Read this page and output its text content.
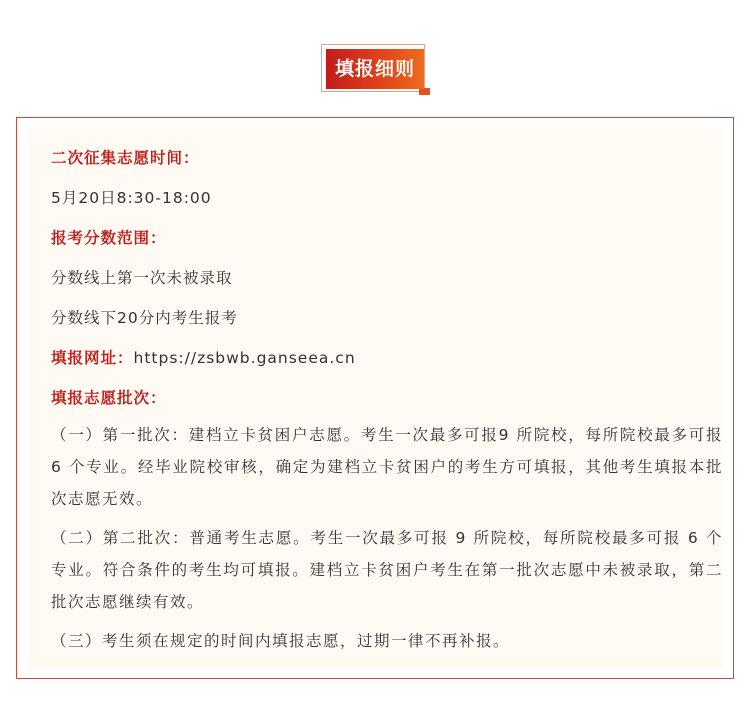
填报细则
二次征集志愿时间：
5月20日8:30-18:00
报考分数范围：
分数线上第一次未被录取
分数线下20分内考生报考
填报网址：https://zsbwb.ganseea.cn
填报志愿批次：
（一）第一批次：建档立卡贫困户志愿。考生一次最多可报9 所院校，每所院校最多可报 6 个专业。经毕业院校审核，确定为建档立卡贫困户的考生方可填报，其他考生填报本批次志愿无效。
（二）第二批次：普通考生志愿。考生一次最多可报 9 所院校，每所院校最多可报 6 个专业。符合条件的考生均可填报。建档立卡贫困户考生在第一批次志愿中未被录取，第二批次志愿继续有效。
（三）考生须在规定的时间内填报志愿，过期一律不再补报。
